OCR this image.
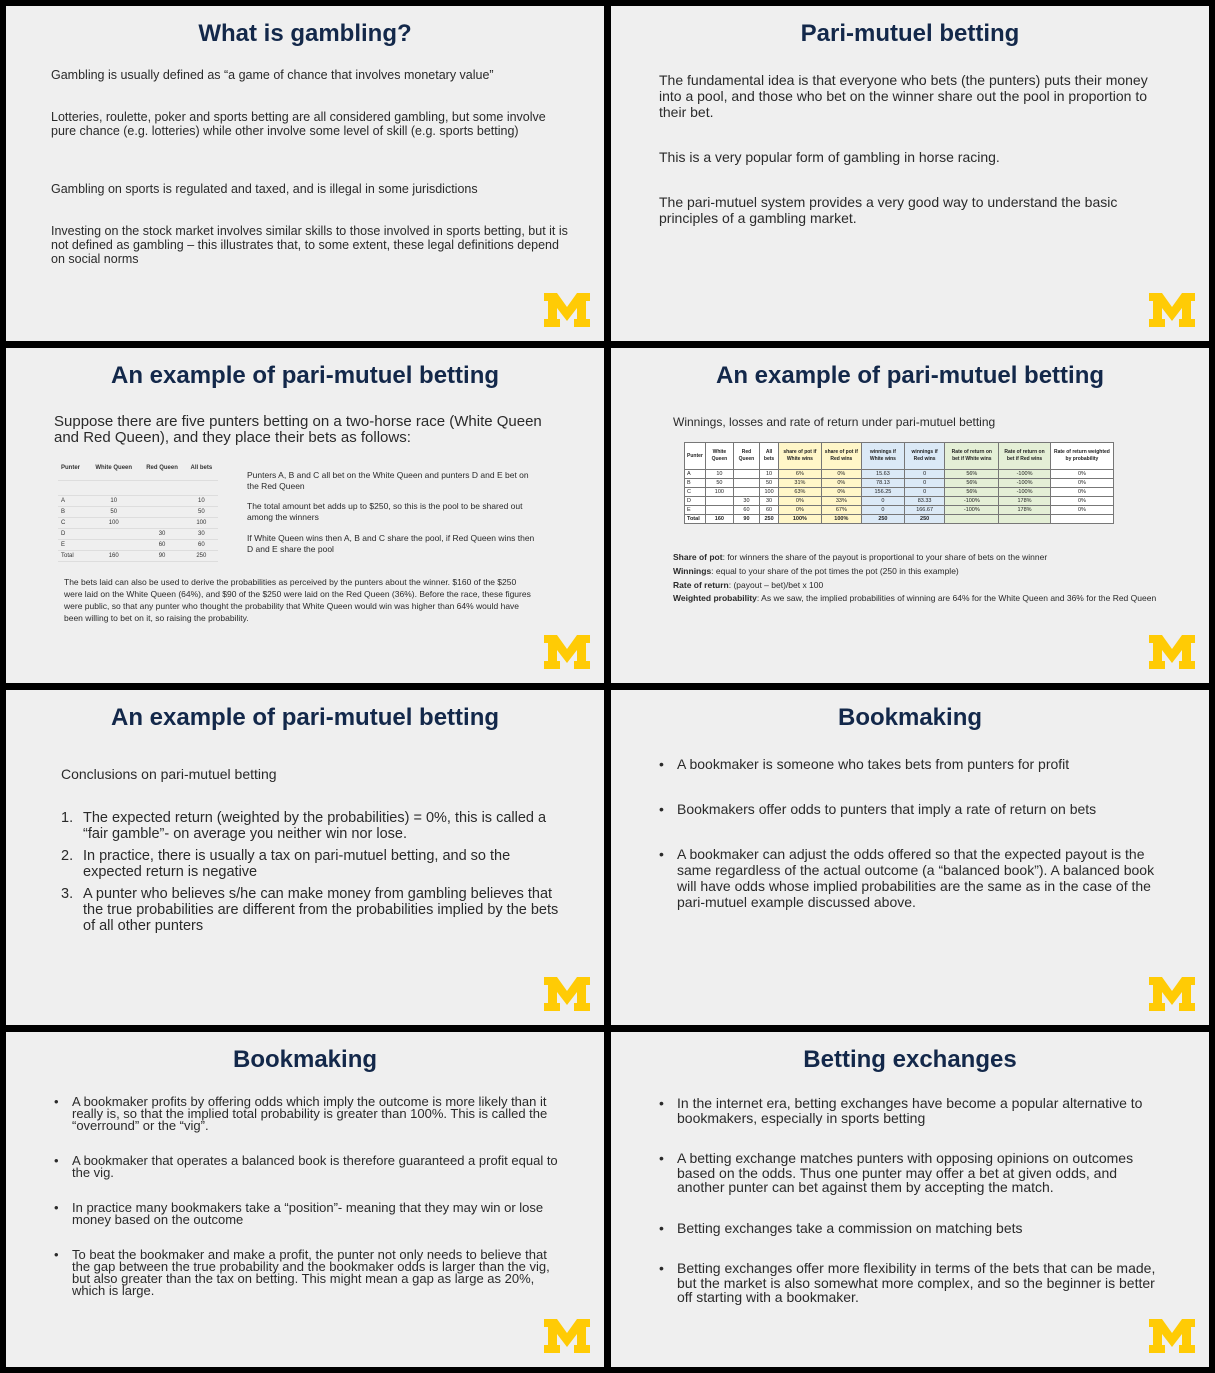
What is gambling?

Gambling is usually defined as “a game of chance that involves monetary value”

Lotteries, roulette, poker and sports betting are all considered gambling, but some involve pure chance (e.g. lotteries) while other involve some level of skill (e.g. sports betting)

Gambling on sports is regulated and taxed, and is illegal in some jurisdictions

Investing on the stock market involves similar skills to those involved in sports betting, but it is not defined as gambling – this illustrates that, to some extent, these legal definitions depend on social norms

Pari-mutuel betting

The fundamental idea is that everyone who bets (the punters) puts their money into a pool, and those who bet on the winner share out the pool in proportion to their bet.

This is a very popular form of gambling in horse racing.

The pari-mutuel system provides a very good way to understand the basic principles of a gambling market.

An example of pari-mutuel betting

Suppose there are five punters betting on a two-horse race (White Queen and Red Queen), and they place their bets as follows:

Punter	White Queen	Red Queen	All bets

A	10		10
B	50		50
C	100		100
D		30	30
E		60	60
Total	160	90	250

Punters A, B and C all bet on the White Queen and punters D and E bet on the Red Queen

The total amount bet adds up to $250, so this is the pool to be shared out among the winners

If White Queen wins then A, B and C share the pool, if Red Queen wins then D and E share the pool

The bets laid can also be used to derive the probabilities as perceived by the punters about the winner. $160 of the $250 were laid on the White Queen (64%), and $90 of the $250 were laid on the Red Queen (36%). Before the race, these figures were public, so that any punter who thought the probability that White Queen would win was higher than 64% would have been willing to bet on it, so raising the probability.

An example of pari-mutuel betting

Winnings, losses and rate of return under pari-mutuel betting

Punter	White Queen	Red Queen	All bets	share of pot if White wins	share of pot if Red wins	winnings if White wins	winnings if Red wins	Rate of return on bet if White wins	Rate of return on bet if Red wins	Rate of return weighted by probability
A	10		10	6%	0%	15.63	0	56%	-100%	0%
B	50		50	31%	0%	78.13	0	56%	-100%	0%
C	100		100	63%	0%	156.25	0	56%	-100%	0%
D		30	30	0%	33%	0	83.33	-100%	178%	0%
E		60	60	0%	67%	0	166.67	-100%	178%	0%
Total	160	90	250	100%	100%	250	250			
Share of pot: for winners the share of the payout is proportional to your share of bets on the winner
Winnings: equal to your share of the pot times the pot (250 in this example)
Rate of return: (payout – bet)/bet x 100
Weighted probability: As we saw, the implied probabilities of winning are 64% for the White Queen and 36% for the Red Queen
An example of pari-mutuel betting

Conclusions on pari-mutuel betting

1. The expected return (weighted by the probabilities) = 0%, this is called a “fair gamble”- on average you neither win nor lose.
2. In practice, there is usually a tax on pari-mutuel betting, and so the expected return is negative
3. A punter who believes s/he can make money from gambling believes that the true probabilities are different from the probabilities implied by the bets of all other punters
Bookmaking
• A bookmaker is someone who takes bets from punters for profit
• Bookmakers offer odds to punters that imply a rate of return on bets
• A bookmaker can adjust the odds offered so that the expected payout is the same regardless of the actual outcome (a “balanced book”). A balanced book will have odds whose implied probabilities are the same as in the case of the pari-mutuel example discussed above.
Bookmaking
• A bookmaker profits by offering odds which imply the outcome is more likely than it really is, so that the implied total probability is greater than 100%. This is called the “overround” or the “vig”.
• A bookmaker that operates a balanced book is therefore guaranteed a profit equal to the vig.
• In practice many bookmakers take a “position”- meaning that they may win or lose money based on the outcome
• To beat the bookmaker and make a profit, the punter not only needs to believe that the gap between the true probability and the bookmaker odds is larger than the vig, but also greater than the tax on betting. This might mean a gap as large as 20%, which is large.
Betting exchanges
• In the internet era, betting exchanges have become a popular alternative to bookmakers, especially in sports betting
• A betting exchange matches punters with opposing opinions on outcomes based on the odds. Thus one punter may offer a bet at given odds, and another punter can bet against them by accepting the match.
• Betting exchanges take a commission on matching bets
• Betting exchanges offer more flexibility in terms of the bets that can be made, but the market is also somewhat more complex, and so the beginner is better off starting with a bookmaker.
